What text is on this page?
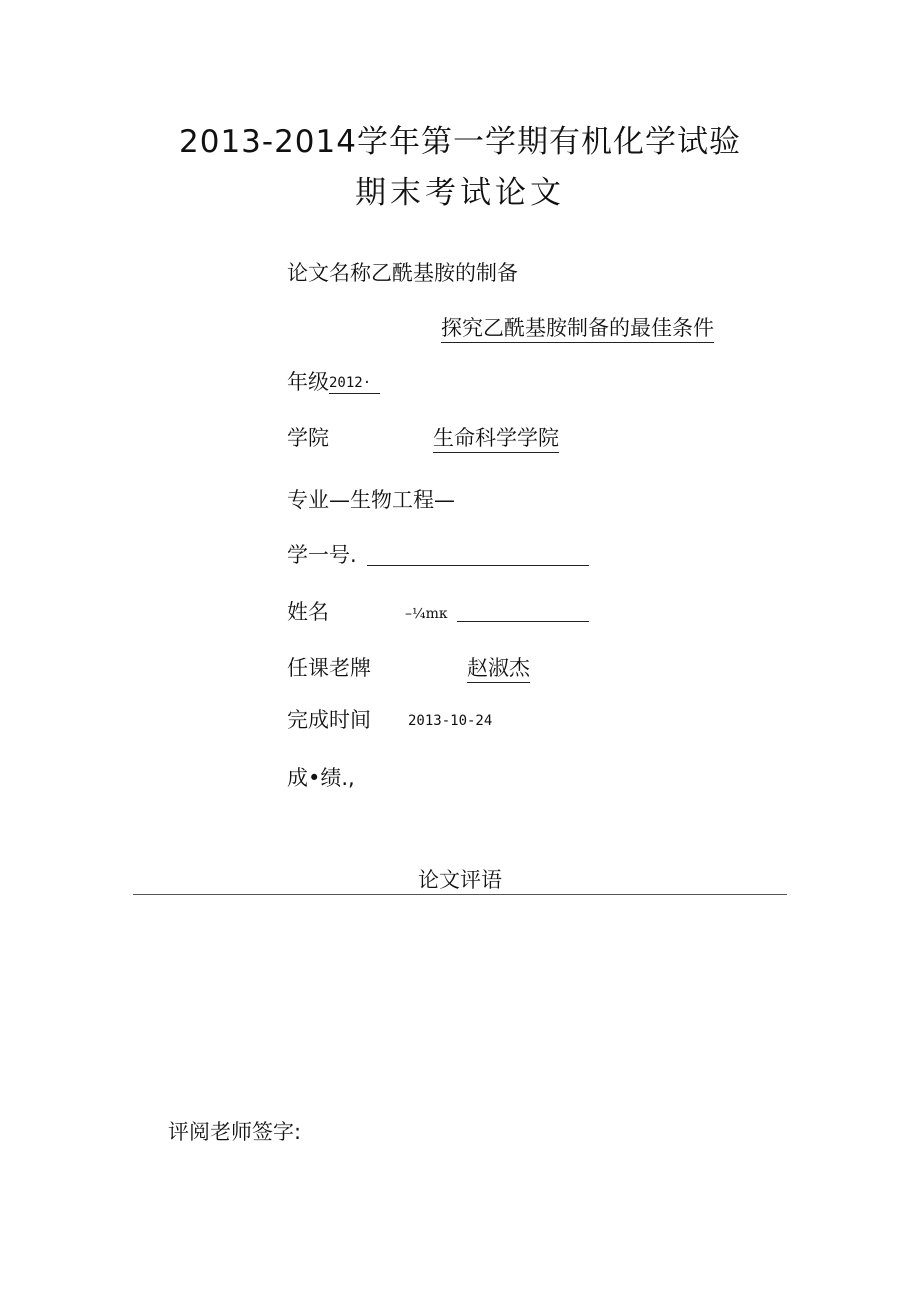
2013-2014学年第一学期有机化学试验
期末考试论文
论文名称乙酰基胺的制备
探究乙酰基胺制备的最佳条件
年级 2012·
学院	生命科学学院
专业—生物工程—
学一号.
姓名	–¼mκ
任课老牌	赵淑杰
完成时间	2013-10-24
成•绩.,
论文评语
评阅老师签字:
